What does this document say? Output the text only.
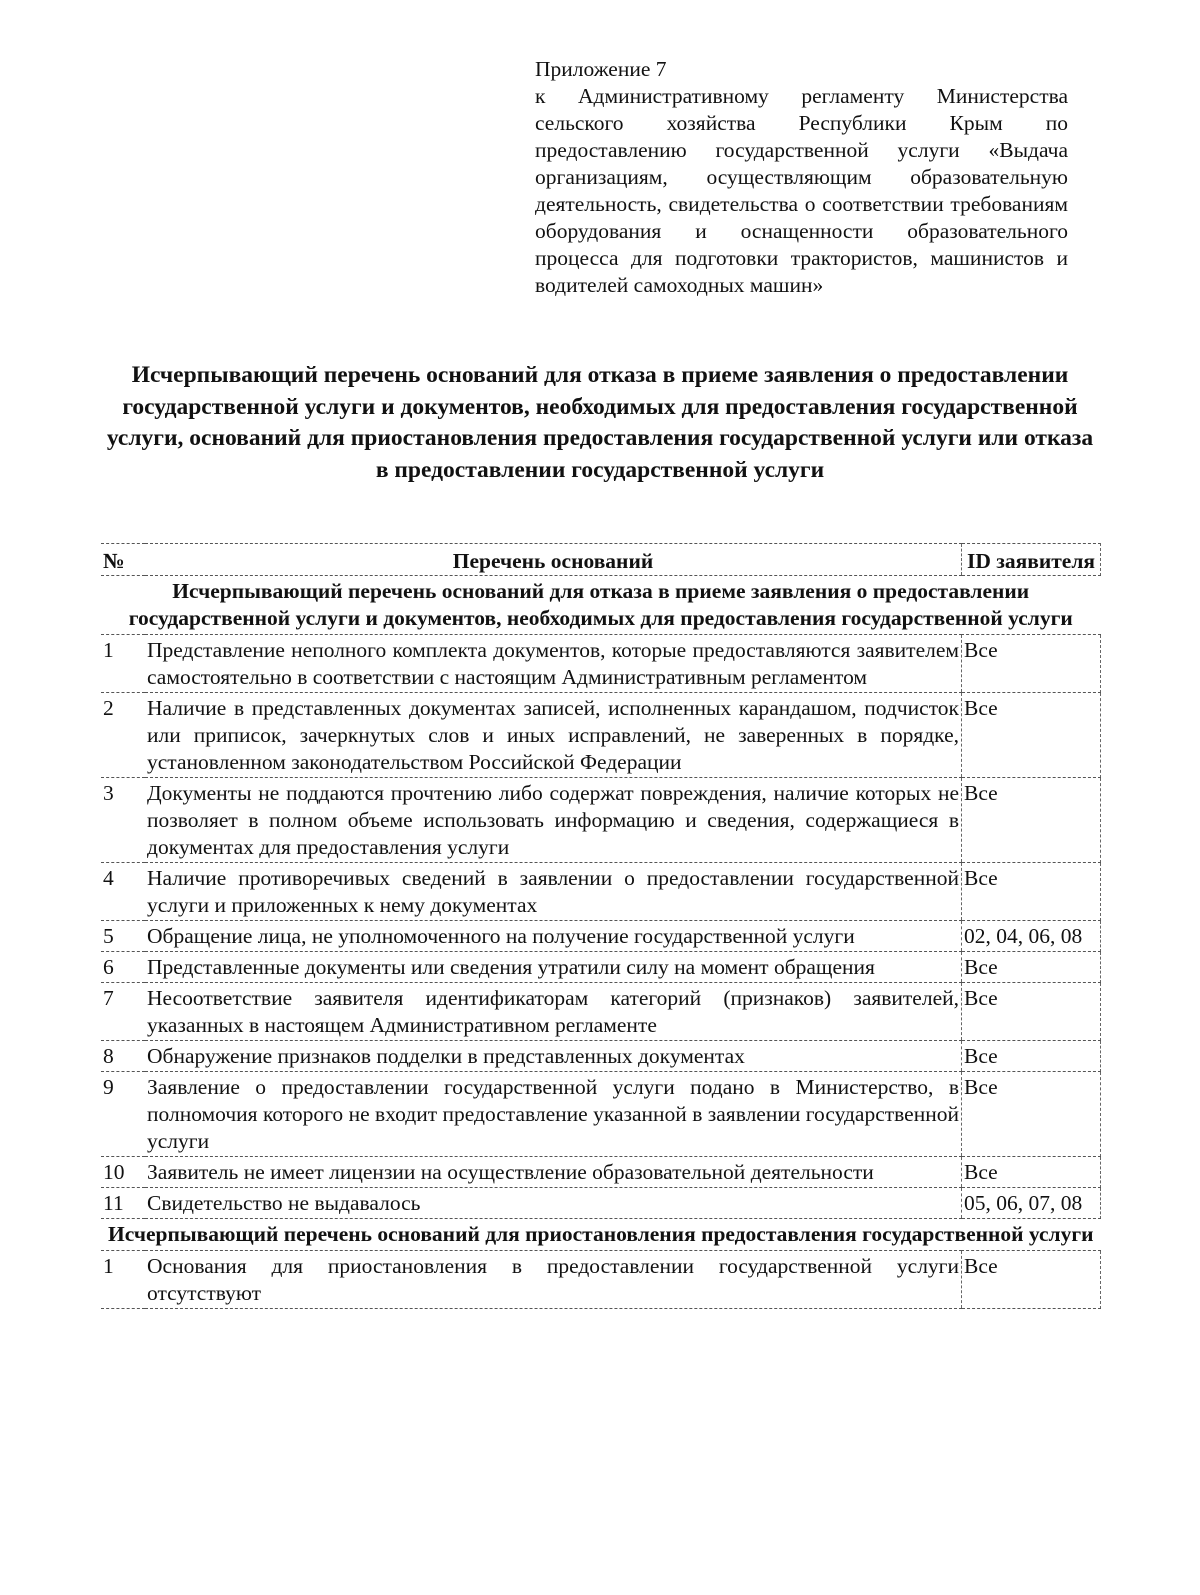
Приложение 7
к Административному регламенту Министерства сельского хозяйства Республики Крым по предоставлению государственной услуги «Выдача организациям, осуществляющим образовательную деятельность, свидетельства о соответствии требованиям оборудования и оснащенности образовательного процесса для подготовки трактористов, машинистов и водителей самоходных машин»
Исчерпывающий перечень оснований для отказа в приеме заявления о предоставлении государственной услуги и документов, необходимых для предоставления государственной услуги, оснований для приостановления предоставления государственной услуги или отказа в предоставлении государственной услуги
№	Перечень оснований	ID заявителя
Исчерпывающий перечень оснований для отказа в приеме заявления о предоставлении государственной услуги и документов, необходимых для предоставления государственной услуги		
1	Представление неполного комплекта документов, которые предоставляются заявителем самостоятельно в соответствии с настоящим Административным регламентом	Все
2	Наличие в представленных документах записей, исполненных карандашом, подчисток или приписок, зачеркнутых слов и иных исправлений, не заверенных в порядке, установленном законодательством Российской Федерации	Все
3	Документы не поддаются прочтению либо содержат повреждения, наличие которых не позволяет в полном объеме использовать информацию и сведения, содержащиеся в документах для предоставления услуги	Все
4	Наличие противоречивых сведений в заявлении о предоставлении государственной услуги и приложенных к нему документах	Все
5	Обращение лица, не уполномоченного на получение государственной услуги	02, 04, 06, 08
6	Представленные документы или сведения утратили силу на момент обращения	Все
7	Несоответствие заявителя идентификаторам категорий (признаков) заявителей, указанных в настоящем Административном регламенте	Все
8	Обнаружение признаков подделки в представленных документах	Все
9	Заявление о предоставлении государственной услуги подано в Министерство, в полномочия которого не входит предоставление указанной в заявлении государственной услуги	Все
10	Заявитель не имеет лицензии на осуществление образовательной деятельности	Все
11	Свидетельство не выдавалось	05, 06, 07, 08
Исчерпывающий перечень оснований для приостановления предоставления государственной услуги		
1	Основания для приостановления в предоставлении государственной услуги отсутствуют	Все
